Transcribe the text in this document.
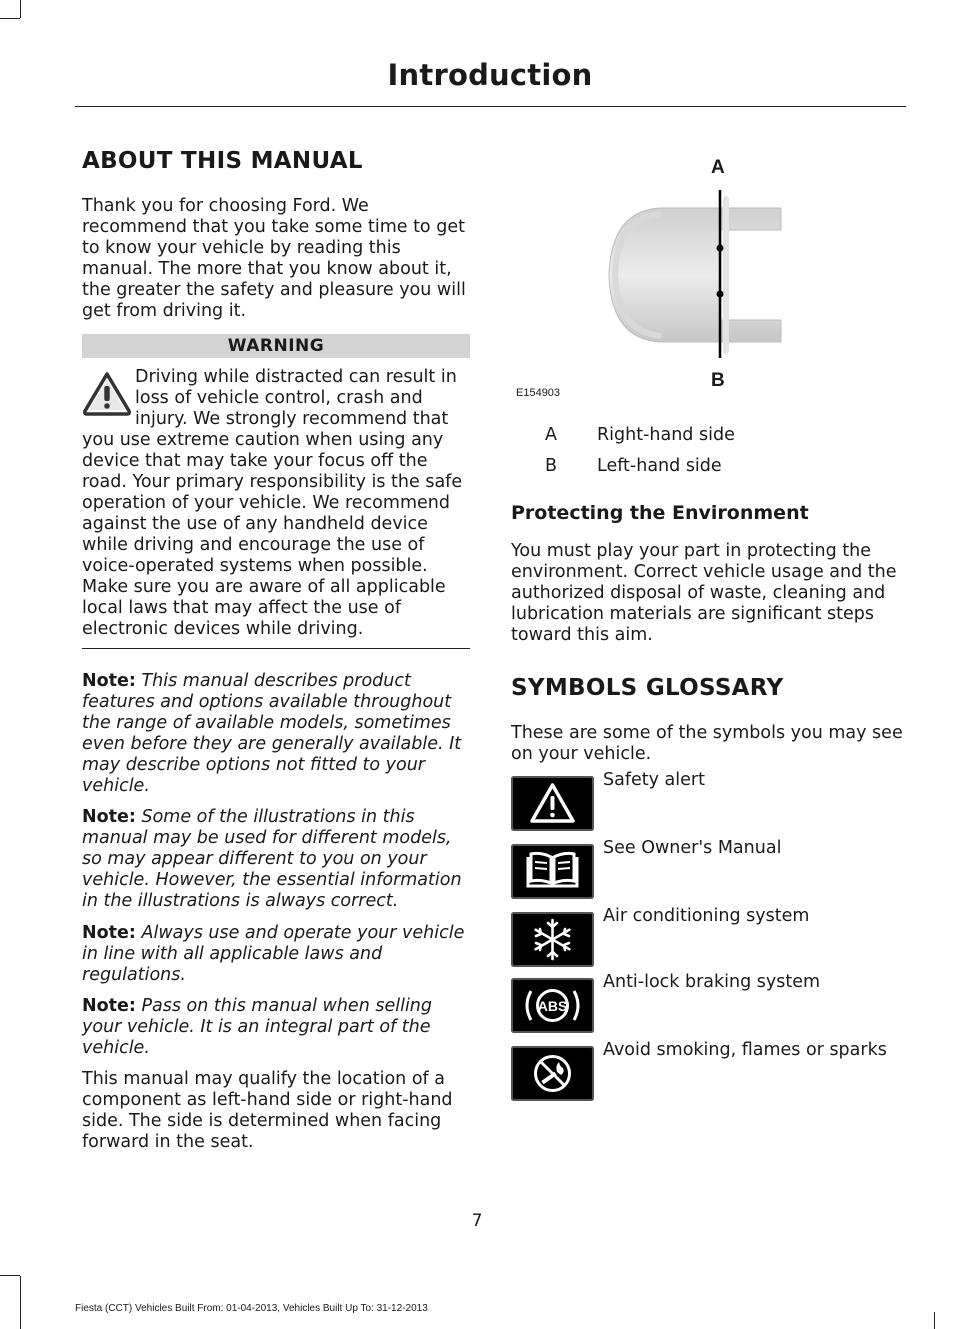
Introduction
ABOUT THIS MANUAL

Thank you for choosing Ford. We recommend that you take some time to get to know your vehicle by reading this manual. The more that you know about it, the greater the safety and pleasure you will get from driving it.

WARNING

Driving while distracted can result in loss of vehicle control, crash and injury. We strongly recommend that you use extreme caution when using any device that may take your focus off the road. Your primary responsibility is the safe operation of your vehicle. We recommend against the use of any handheld device while driving and encourage the use of voice-operated systems when possible. Make sure you are aware of all applicable local laws that may affect the use of electronic devices while driving.

Note: This manual describes product features and options available throughout the range of available models, sometimes even before they are generally available. It may describe options not fitted to your vehicle.

Note: Some of the illustrations in this manual may be used for different models, so may appear different to you on your vehicle. However, the essential information in the illustrations is always correct.

Note: Always use and operate your vehicle in line with all applicable laws and regulations.

Note: Pass on this manual when selling your vehicle. It is an integral part of the vehicle.

This manual may qualify the location of a component as left-hand side or right-hand side. The side is determined when facing forward in the seat.

A
B
E154903
A	Right-hand side
B	Left-hand side
Protecting the Environment

You must play your part in protecting the environment. Correct vehicle usage and the authorized disposal of waste, cleaning and lubrication materials are significant steps toward this aim.

SYMBOLS GLOSSARY

These are some of the symbols you may see on your vehicle.

Safety alert
See Owner's Manual
Air conditioning system
ABS
Anti-lock braking system
Avoid smoking, flames or sparks
7
Fiesta (CCT) Vehicles Built From: 01-04-2013, Vehicles Built Up To: 31-12-2013
